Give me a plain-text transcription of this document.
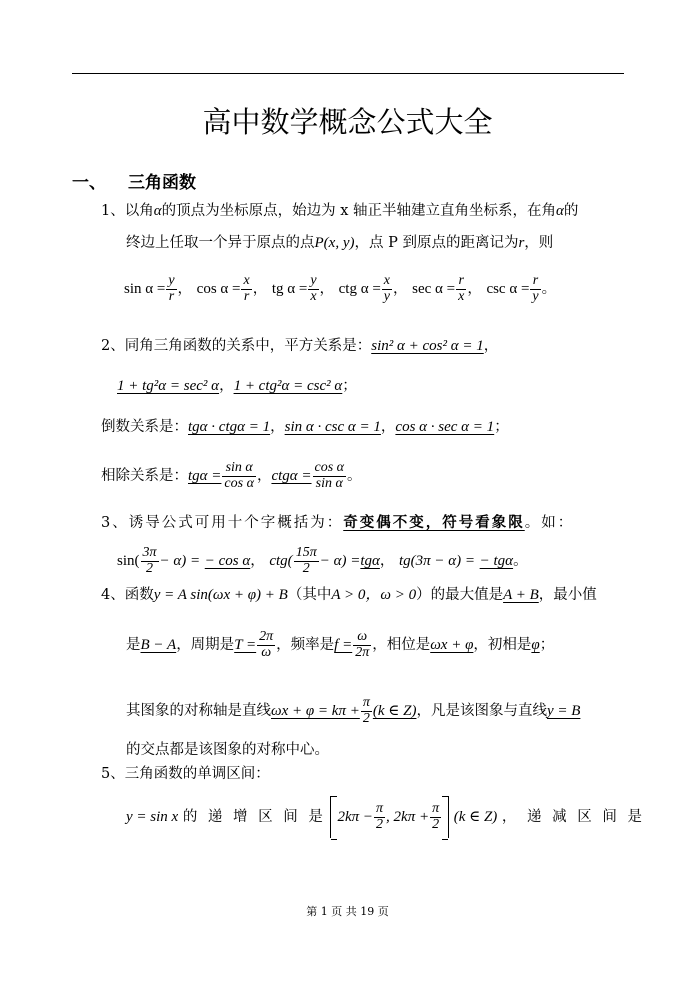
高中数学概念公式大全
一、 三角函数
1、以角α的顶点为坐标原点，始边为 x 轴正半轴建立直角坐标系，在角α的
终边上任取一个异于原点的点P(x, y)，点 P 到原点的距离记为r，则
$\sin \alpha = \frac{y}{r}$ ， $\cos \alpha = \frac{x}{r}$ ， tg $\alpha = \frac{y}{x}$ ， ctg $\alpha = \frac{x}{y}$ ， $\sec \alpha = \frac{r}{x}$ ， $\csc \alpha = \frac{r}{y}$ 。
2、同角三角函数的关系中，平方关系是：sin² α + cos² α = 1，
1 + tg²α = sec² α，1 + ctg²α = csc² α；
倒数关系是：tgα · ctgα = 1，sin α · csc α = 1，cos α · sec α = 1；
相除关系是：$tg\alpha = \frac{\text{sin α}}{\text{cos α}}$ ，$ctg\alpha = \frac{\text{cos α}}{\text{sin α}}$ 。
3、诱导公式可用十个字概括为：奇变偶不变，符号看象限。如：
$\sin( \frac{3\pi}{2} - \alpha)$ = − cos α， $ctg( \frac{15\pi}{2} - \alpha) =tg\alpha$， tg(3π − α) = − tgα。
4、函数y = A sin(ωx + φ) + B（其中A > 0，ω > 0）的最大值是A + B，最小值
是B − A，周期是$T = \frac{2\pi}{\omega}$ ，频率是$f = \frac{\omega}{2\pi}$ ，相位是ωx + φ，初相是φ；
其图象的对称轴是直线$\omega x + \varphi = k\pi + \frac{\pi}{2} (k$ ∈ Z)，凡是该图象与直线y = B
的交点都是该图象的对称中心。
5、三角函数的单调区间：
y = sin x 的 递 增 区 间 是 $2k\pi - \frac{\pi}{2}$ , $2k\pi + \frac{\pi}{2} (k$ ∈ Z) ， 递 减 区 间 是
第 1 页 共 19 页
